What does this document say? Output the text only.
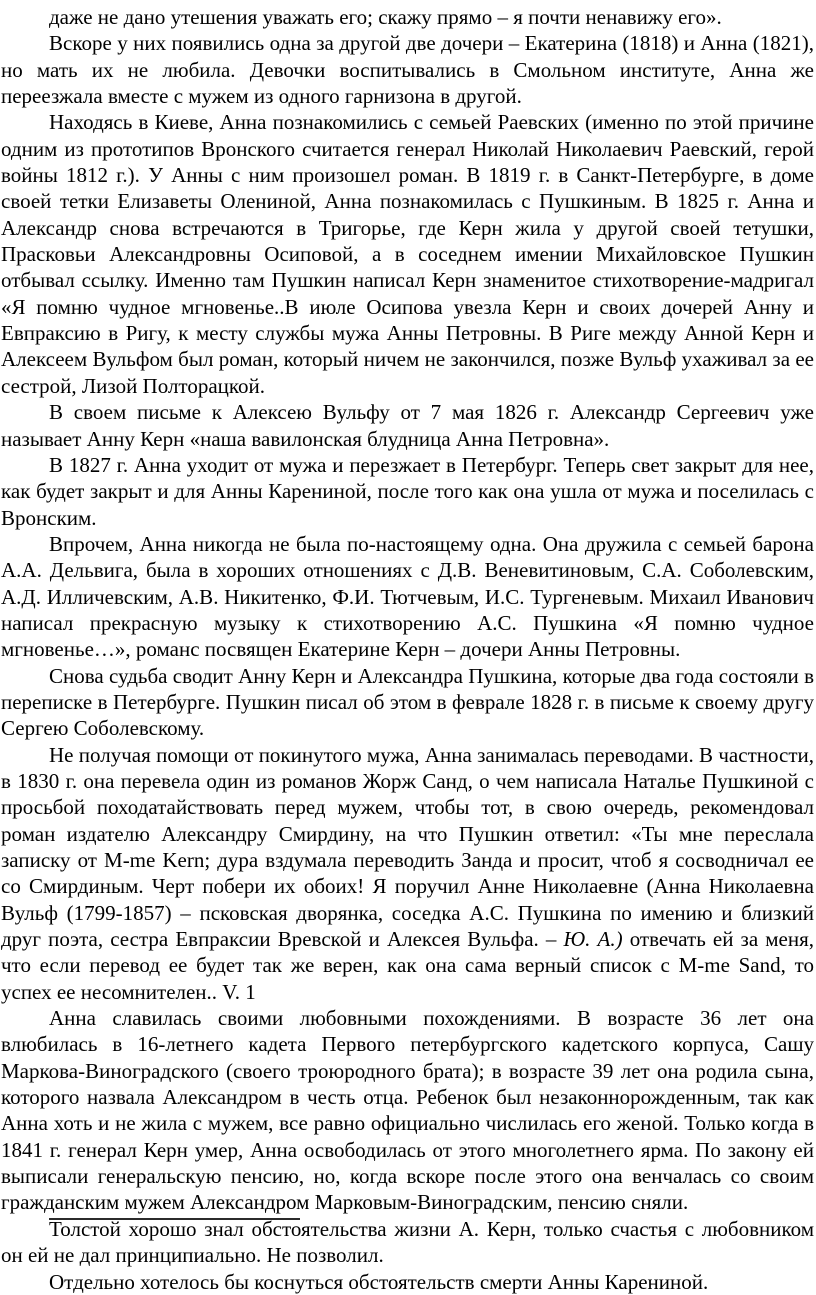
даже не дано утешения уважать его; скажу прямо – я почти ненавижу его».

Вскоре у них появились одна за другой две дочери – Екатерина (1818) и Анна (1821), но мать их не любила. Девочки воспитывались в Смольном институте, Анна же переезжала вместе с мужем из одного гарнизона в другой.

Находясь в Киеве, Анна познакомились с семьей Раевских (именно по этой причине одним из прототипов Вронского считается генерал Николай Николаевич Раевский, герой войны 1812 г.). У Анны с ним произошел роман. В 1819 г. в Санкт-Петербурге, в доме своей тетки Елизаветы Олениной, Анна познакомилась с Пушкиным. В 1825 г. Анна и Александр снова встречаются в Тригорье, где Керн жила у другой своей тетушки, Прасковьи Александровны Осиповой, а в соседнем имении Михайловское Пушкин отбывал ссылку. Именно там Пушкин написал Керн знаменитое стихотворение-мадригал «Я помню чудное мгновенье..В июле Осипова увезла Керн и своих дочерей Анну и Евпраксию в Ригу, к месту службы мужа Анны Петровны. В Риге между Анной Керн и Алексеем Вульфом был роман, который ничем не закончился, позже Вульф ухаживал за ее сестрой, Лизой Полторацкой.

В своем письме к Алексею Вульфу от 7 мая 1826 г. Александр Сергеевич уже называет Анну Керн «наша вавилонская блудница Анна Петровна».

В 1827 г. Анна уходит от мужа и перезжает в Петербург. Теперь свет закрыт для нее, как будет закрыт и для Анны Карениной, после того как она ушла от мужа и поселилась с Вронским.

Впрочем, Анна никогда не была по-настоящему одна. Она дружила с семьей барона А.А. Дельвига, была в хороших отношениях с Д.В. Веневитиновым, С.А. Соболевским, А.Д. Илличевским, А.В. Никитенко, Ф.И. Тютчевым, И.С. Тургеневым. Михаил Иванович написал прекрасную музыку к стихотворению А.С. Пушкина «Я помню чудное мгновенье…», романс посвящен Екатерине Керн – дочери Анны Петровны.

Снова судьба сводит Анну Керн и Александра Пушкина, которые два года состояли в переписке в Петербурге. Пушкин писал об этом в феврале 1828 г. в письме к своему другу Сергею Соболевскому.

Не получая помощи от покинутого мужа, Анна занималась переводами. В частности, в 1830 г. она перевела один из романов Жорж Санд, о чем написала Наталье Пушкиной с просьбой походатайствовать перед мужем, чтобы тот, в свою очередь, рекомендовал роман издателю Александру Смирдину, на что Пушкин ответил: «Ты мне переслала записку от M-me Kern; дура вздумала переводить Занда и просит, чтоб я сосводничал ее со Смирдиным. Черт побери их обоих! Я поручил Анне Николаевне (Анна Николаевна Вульф (1799-1857) – псковская дворянка, соседка А.С. Пушкина по имению и близкий друг поэта, сестра Евпраксии Вревской и Алексея Вульфа. – Ю. А.) отвечать ей за меня, что если перевод ее будет так же верен, как она сама верный список с M-me Sand, то успех ее несомнителен.. V. 1

Анна славилась своими любовными похождениями. В возрасте 36 лет она влюбилась в 16-летнего кадета Первого петербургского кадетского корпуса, Сашу Маркова-Виноградского (своего троюродного брата); в возрасте 39 лет она родила сына, которого назвала Александром в честь отца. Ребенок был незаконнорожденным, так как Анна хоть и не жила с мужем, все равно официально числилась его женой. Только когда в 1841 г. генерал Керн умер, Анна освободилась от этого многолетнего ярма. По закону ей выписали генеральскую пенсию, но, когда вскоре после этого она венчалась со своим гражданским мужем Александром Марковым-Виноградским, пенсию сняли.

Толстой хорошо знал обстоятельства жизни А. Керн, только счастья с любовником он ей не дал принципиально. Не позволил.

Отдельно хотелось бы коснуться обстоятельств смерти Анны Карениной.
